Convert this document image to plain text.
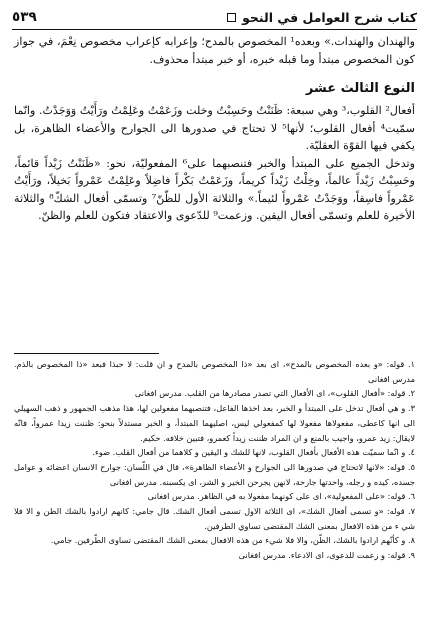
كتاب شرح العوامل في النحو
٥٣٩

والهندان والهندات.» وبعده¹ المخصوص بالمدح؛ وإعرابه كإعراب مخصوص نِعْمَ، في جواز كون المخصوص مبتدأ وما قبله خبره، أو خبر مبتدأ محذوف.

النوع الثالث عشر

أفعال² القلوب،³ وهي سبعة: ظَنَنْتُ وحَسِبْتُ وخلت وزَعَمْتُ وعَلِمْتُ ورَأَيْتُ وَوَجَدْتُ. وانّما سمّيت⁴ أفعال القلوب؛ لأنها⁵ لا تحتاج في صدورها الى الجوارح والأعضاء الظاهرة، بل يكفي فيها القوّة العقليّة.

وتدخل الجميع على المبتدأ والخبر فتنصبهما على⁶ المفعوليّة، نحو: «ظَنَنْتُ زَيْداً قائماً، وحَسِبْتُ زَيْداً عالماً، وخِلْتُ زَيْداً كريماً، وزَعَمْتُ بَكْراً فاضِلاً وعَلِمْتُ عَمْرواً بَخيلاً، ورَأَيْتُ عَمْرواً فاسِقاً، ووَجَدْتُ عَمْرواً لئيماً.» والثلاثة الأول للظّنّ⁷ وتسمّى أفعال الشكّ⁸ والثلاثة الأخيرة للعلم وتسمّى أفعال اليقين. وزعمت⁹ للدّعوى والاعتقاد فتكون للعلم والظنّ.

١. قوله: «و بعده المخصوص بالمدح»، اى بعد «ذا المخصوص بالمدح و ان قلت: لا حبذا فبعد «ذا المخصوص بالذم. مدرس افغانى

٢. قوله: «أفعال القلوب»، اى الأفعال التي تصدر مصادرها من القلب. مدرس افغانى

٣. و هي أفعال تدخل على المبتدأ و الخبر، بعد اخذها الفاعل، فتنصبهما مفعولين لها، هذا مذهب الجمهور و ذهب السهيلي الى انها كاعطى، مفعولاها مفعولا لها كمفعولي ليس، اصليهما المبتدأ، و الخبر مستدلاً بنحو: ظننت زيدا عمرواً، فانّه لايقال: زيد عمرو، واجيب بالمنع و ان المراد ظننت زيداً كعمرو، فتبين خلافه. حكيم.

٤. و انّما سميّت هذه الأفعال بأفعال القلوب، لانها للشك و اليقين و كلاهما من أفعال القلب. ضوء.

٥. قوله: «لانها لاتحتاج في صدورها الى الجوارح و الأعضاء الظاهرة»، قال في اللّسان: جوارح الانسان اعضائه و عوامل جسده، كيده و رجله، واحدتها جارحة، لانهن يجرحن الخير و الشر، اى يكسبنه. مدرس افغانى

٦. قوله: «على المفعولية»، اى على كونهما مفعولا به في الظاهر. مدرس افغانى

٧. قوله: «و تسمى أفعال الشك»، اى الثلاثة الاول تسمى أفعال الشك. قال جامي: كانهم ارادوا بالشك الظن و الا فلا شي ء من هذه الافعال بمعنى الشك المقتضى تساوي الطرفين.

٨. و كأنّهم ارادوا بالشك، الظّن، والا فلا شيء من هذه الافعال بمعنى الشك المقتضى تساوى الطّرفين. جامي.

٩. قوله: و زعمت للدعوى، اى الادعاء. مدرس افغانى
